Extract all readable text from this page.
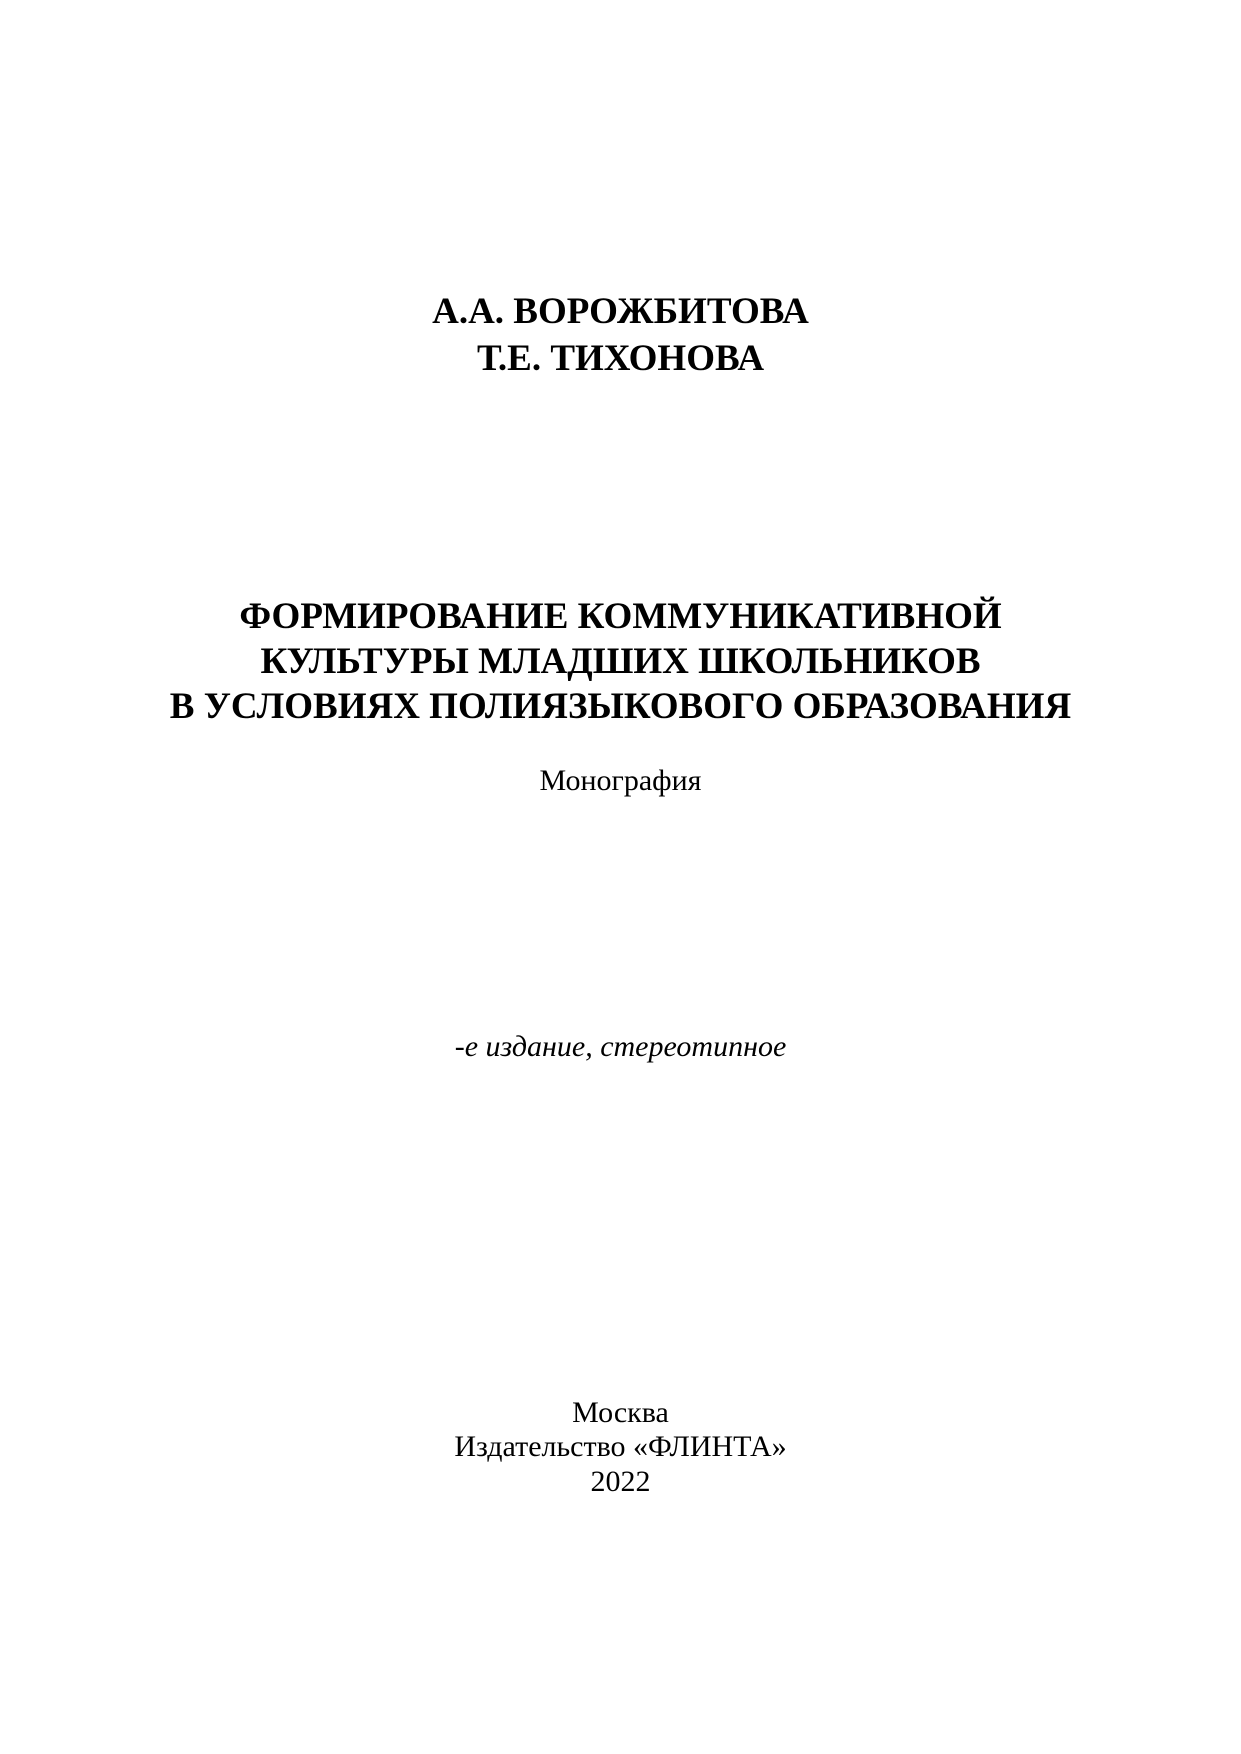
А.А. ВОРОЖБИТОВА
Т.Е. ТИХОНОВА
ФОРМИРОВАНИЕ КОММУНИКАТИВНОЙ
КУЛЬТУРЫ МЛАДШИХ ШКОЛЬНИКОВ
В УСЛОВИЯХ ПОЛИЯЗЫКОВОГО ОБРАЗОВАНИЯ
Монография
-е издание, стереотипное
Москва
Издательство «ФЛИНТА»
2022
